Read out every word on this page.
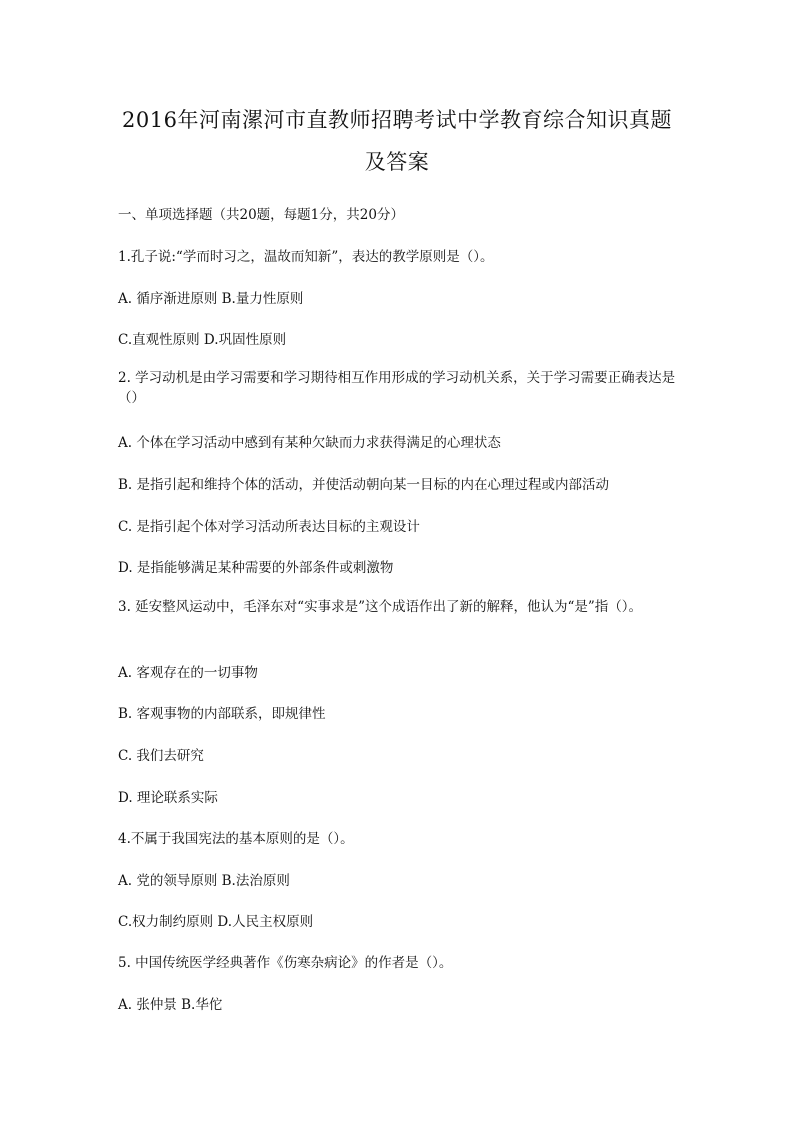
2016年河南漯河市直教师招聘考试中学教育综合知识真题
及答案
一、单项选择题（共20题，每题1分，共20分）
1.孔子说:“学而时习之，温故而知新”，表达的教学原则是（）。
A. 循序渐进原则 B.量力性原则
C.直观性原则 D.巩固性原则
2. 学习动机是由学习需要和学习期待相互作用形成的学习动机关系，关于学习需要正确表达是（）
A. 个体在学习活动中感到有某种欠缺而力求获得满足的心理状态
B. 是指引起和维持个体的活动，并使活动朝向某一目标的内在心理过程或内部活动
C. 是指引起个体对学习活动所表达目标的主观设计
D. 是指能够满足某种需要的外部条件或刺激物
3. 延安整风运动中，毛泽东对“实事求是”这个成语作出了新的解释，他认为“是”指（）。
A. 客观存在的一切事物
B. 客观事物的内部联系，即规律性
C. 我们去研究
D. 理论联系实际
4.不属于我国宪法的基本原则的是（）。
A. 党的领导原则 B.法治原则
C.权力制约原则 D.人民主权原则
5. 中国传统医学经典著作《伤寒杂病论》的作者是（）。
A. 张仲景 B.华佗
